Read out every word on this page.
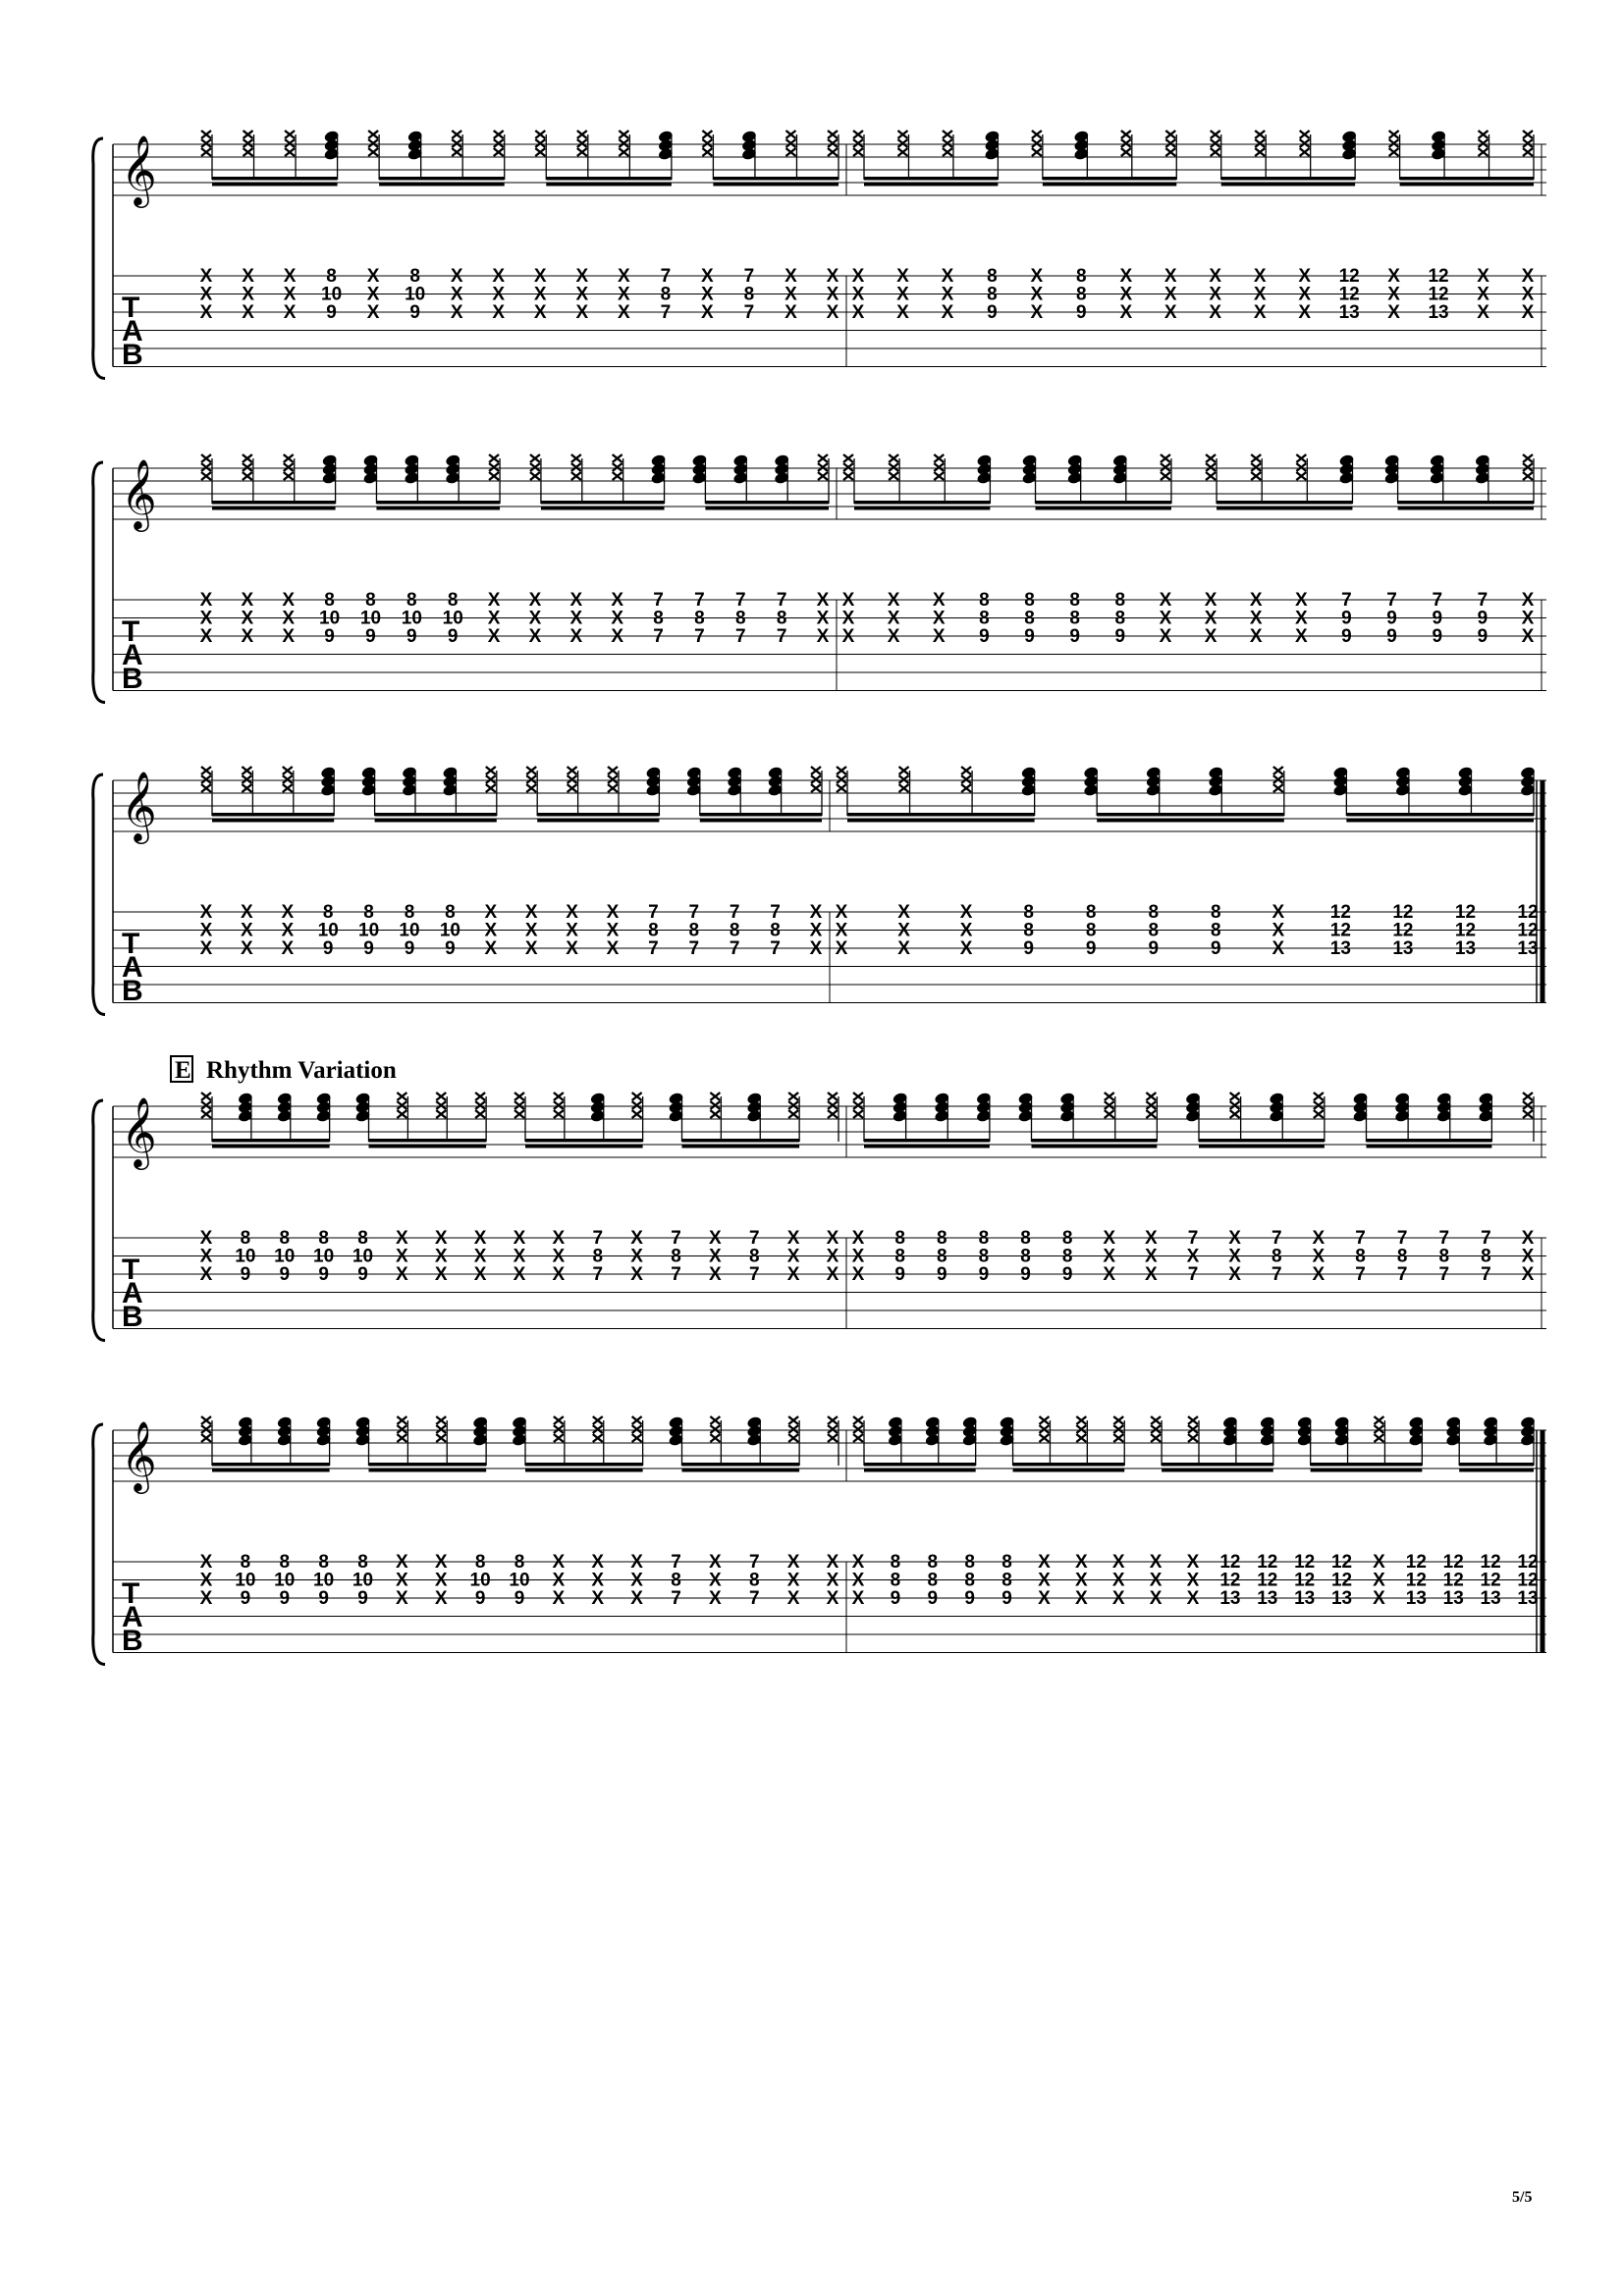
𝄞
T
A
B
X
X
X
X
X
X
X
X
X
8
10
9
X
X
X
8
10
9
X
X
X
X
X
X
X
X
X
X
X
X
X
X
X
7
8
7
X
X
X
7
8
7
X
X
X
X
X
X
X
X
X
X
X
X
X
X
X
8
8
9
X
X
X
8
8
9
X
X
X
X
X
X
X
X
X
X
X
X
X
X
X
12
12
13
X
X
X
12
12
13
X
X
X
X
X
X
𝄞
T
A
B
X
X
X
X
X
X
X
X
X
8
10
9
8
10
9
8
10
9
8
10
9
X
X
X
X
X
X
X
X
X
X
X
X
7
8
7
7
8
7
7
8
7
7
8
7
X
X
X
X
X
X
X
X
X
X
X
X
8
8
9
8
8
9
8
8
9
8
8
9
X
X
X
X
X
X
X
X
X
X
X
X
7
9
9
7
9
9
7
9
9
7
9
9
X
X
X
𝄞
T
A
B
X
X
X
X
X
X
X
X
X
8
10
9
8
10
9
8
10
9
8
10
9
X
X
X
X
X
X
X
X
X
X
X
X
7
8
7
7
8
7
7
8
7
7
8
7
X
X
X
X
X
X
X
X
X
X
X
X
8
8
9
8
8
9
8
8
9
8
8
9
X
X
X
12
12
13
12
12
13
12
12
13
12
12
13
𝄞
T
A
B
X
X
X
8
10
9
8
10
9
8
10
9
8
10
9
X
X
X
X
X
X
X
X
X
X
X
X
X
X
X
7
8
7
X
X
X
7
8
7
X
X
X
7
8
7
X
X
X
X
X
X
X
X
X
8
8
9
8
8
9
8
8
9
8
8
9
8
8
9
X
X
X
X
X
X
7
X
7
X
X
X
7
8
7
X
X
X
7
8
7
7
8
7
7
8
7
7
8
7
X
X
X
𝄞
T
A
B
X
X
X
8
10
9
8
10
9
8
10
9
8
10
9
X
X
X
X
X
X
8
10
9
8
10
9
X
X
X
X
X
X
X
X
X
7
8
7
X
X
X
7
8
7
X
X
X
X
X
X
X
X
X
8
8
9
8
8
9
8
8
9
8
8
9
X
X
X
X
X
X
X
X
X
X
X
X
X
X
X
12
12
13
12
12
13
12
12
13
12
12
13
X
X
X
12
12
13
12
12
13
12
12
13
12
12
13
E Rhythm Variation
5/5
